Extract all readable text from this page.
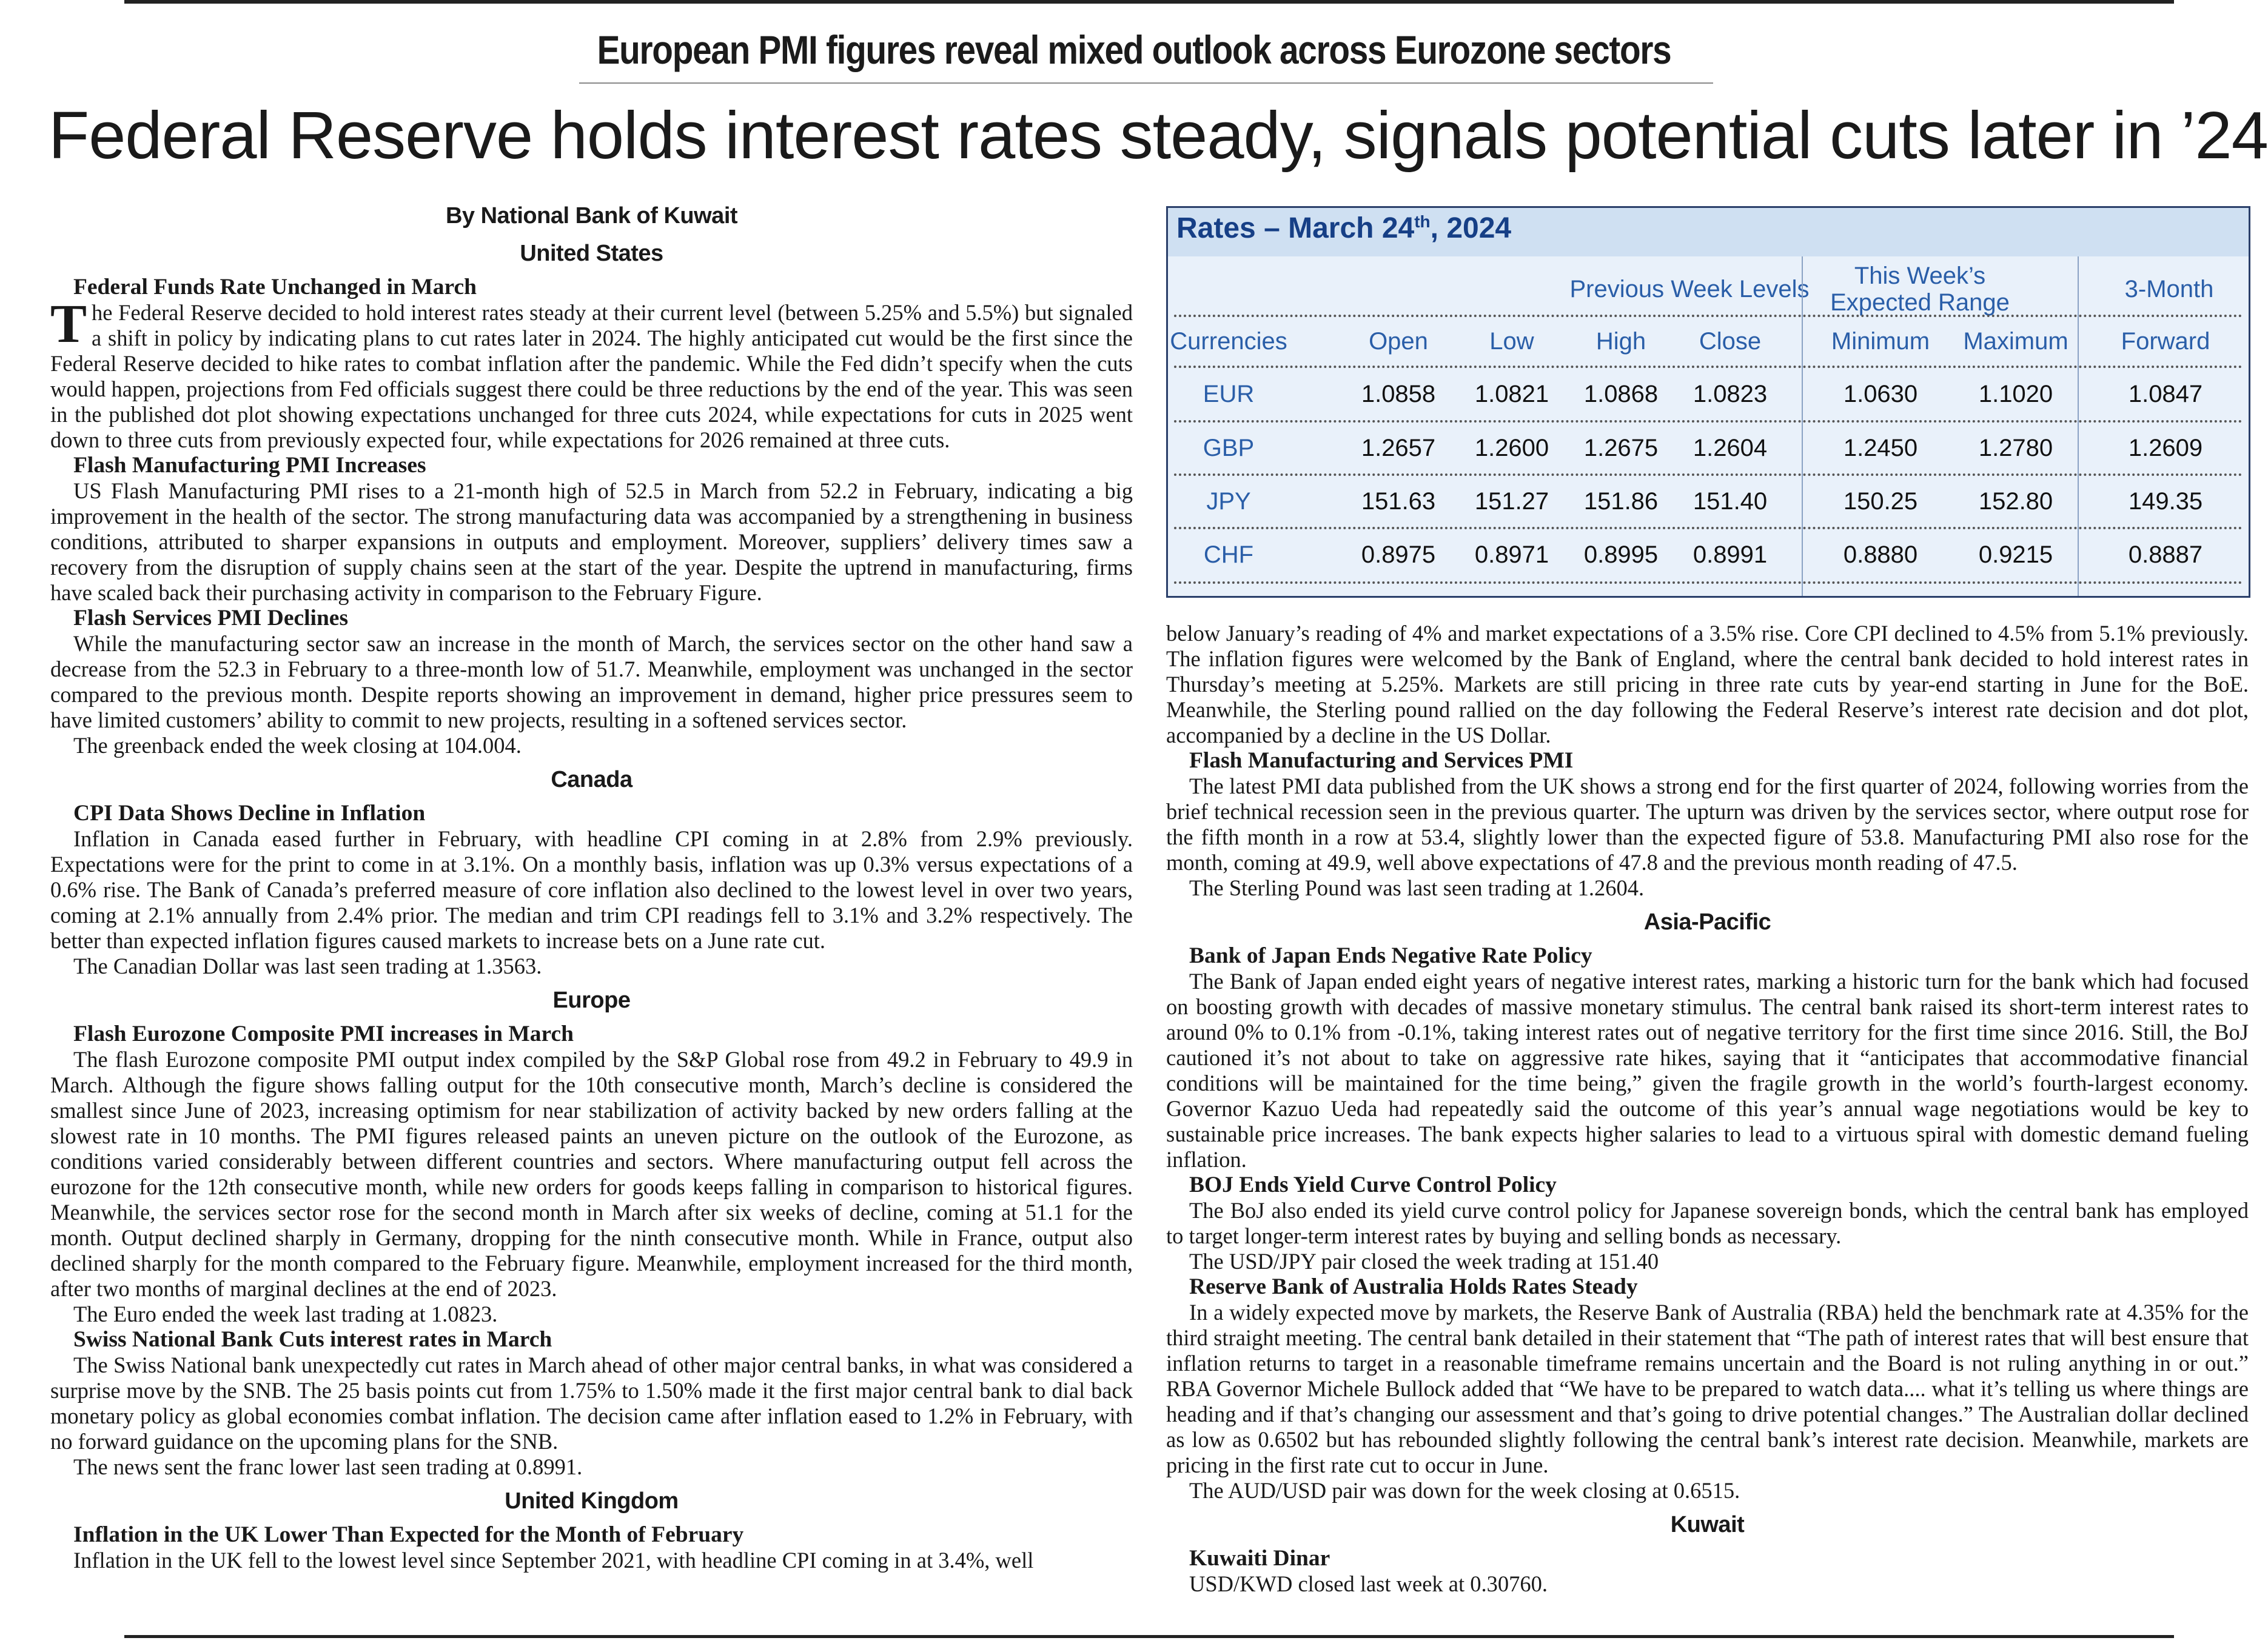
European PMI figures reveal mixed outlook across Eurozone sectors
Federal Reserve holds interest rates steady, signals potential cuts later in ’24
By National Bank of Kuwait
United States
Federal Funds Rate Unchanged in March

The Federal Reserve decided to hold interest rates steady at their current level (between 5.25% and 5.5%) but signaled a shift in policy by indicating plans to cut rates later in 2024. The highly anticipated cut would be the first since the Federal Reserve decided to hike rates to combat inflation after the pandemic. While the Fed didn’t specify when the cuts would happen, projections from Fed officials suggest there could be three reductions by the end of the year. This was seen in the published dot plot showing expectations unchanged for three cuts 2024, while expectations for cuts in 2025 went down to three cuts from previously expected four, while expectations for 2026 remained at three cuts.

Flash Manufacturing PMI Increases

US Flash Manufacturing PMI rises to a 21-month high of 52.5 in March from 52.2 in February, indicating a big improvement in the health of the sector. The strong manufacturing data was accompanied by a strengthening in business conditions, attributed to sharper expansions in outputs and employment. Moreover, suppliers’ delivery times saw a recovery from the disruption of supply chains seen at the start of the year. Despite the uptrend in manufacturing, firms have scaled back their purchasing activity in comparison to the February Figure.

Flash Services PMI Declines

While the manufacturing sector saw an increase in the month of March, the services sector on the other hand saw a decrease from the 52.3 in February to a three-month low of 51.7. Meanwhile, employment was unchanged in the sector compared to the previous month. Despite reports showing an improvement in demand, higher price pressures seem to have limited customers’ ability to commit to new projects, resulting in a softened services sector.

The greenback ended the week closing at 104.004.

Canada
CPI Data Shows Decline in Inflation

Inflation in Canada eased further in February, with headline CPI coming in at 2.8% from 2.9% previously. Expectations were for the print to come in at 3.1%. On a monthly basis, inflation was up 0.3% versus expectations of a 0.6% rise. The Bank of Canada’s preferred measure of core inflation also declined to the lowest level in over two years, coming at 2.1% annually from 2.4% prior. The median and trim CPI readings fell to 3.1% and 3.2% respectively. The better than expected inflation figures caused markets to increase bets on a June rate cut.

The Canadian Dollar was last seen trading at 1.3563.

Europe
Flash Eurozone Composite PMI increases in March

The flash Eurozone composite PMI output index compiled by the S&P Global rose from 49.2 in February to 49.9 in March. Although the figure shows falling output for the 10th consecutive month, March’s decline is considered the smallest since June of 2023, increasing optimism for near stabilization of activity backed by new orders falling at the slowest rate in 10 months. The PMI figures released paints an uneven picture on the outlook of the Eurozone, as conditions varied considerably between different countries and sectors. Where manufacturing output fell across the eurozone for the 12th consecutive month, while new orders for goods keeps falling in comparison to historical figures. Meanwhile, the services sector rose for the second month in March after six weeks of decline, coming at 51.1 for the month. Output declined sharply in Germany, dropping for the ninth consecutive month. While in France, output also declined sharply for the month compared to the February figure. Meanwhile, employment increased for the third month, after two months of marginal declines at the end of 2023.

The Euro ended the week last trading at 1.0823.

Swiss National Bank Cuts interest rates in March

The Swiss National bank unexpectedly cut rates in March ahead of other major central banks, in what was considered a surprise move by the SNB. The 25 basis points cut from 1.75% to 1.50% made it the first major central bank to dial back monetary policy as global economies combat inflation. The decision came after inflation eased to 1.2% in February, with no forward guidance on the upcoming plans for the SNB.

The news sent the franc lower last seen trading at 0.8991.

United Kingdom
Inflation in the UK Lower Than Expected for the Month of February

Inflation in the UK fell to the lowest level since September 2021, with headline CPI coming in at 3.4%, well

Rates – March 24th, 2024
Previous Week Levels	This Week’s Expected Range	3-Month
Currencies	Open	Low	High	Close	Minimum	Maximum	Forward
EUR	1.0858	1.0821	1.0868	1.0823	1.0630	1.1020	1.0847
GBP	1.2657	1.2600	1.2675	1.2604	1.2450	1.2780	1.2609
JPY	151.63	151.27	151.86	151.40	150.25	152.80	149.35
CHF	0.8975	0.8971	0.8995	0.8991	0.8880	0.9215	0.8887

below January’s reading of 4% and market expectations of a 3.5% rise. Core CPI declined to 4.5% from 5.1% previously. The inflation figures were welcomed by the Bank of England, where the central bank decided to hold interest rates in Thursday’s meeting at 5.25%. Markets are still pricing in three rate cuts by year-end starting in June for the BoE. Meanwhile, the Sterling pound rallied on the day following the Federal Reserve’s interest rate decision and dot plot, accompanied by a decline in the US Dollar.

Flash Manufacturing and Services PMI

The latest PMI data published from the UK shows a strong end for the first quarter of 2024, following worries from the brief technical recession seen in the previous quarter. The upturn was driven by the services sector, where output rose for the fifth month in a row at 53.4, slightly lower than the expected figure of 53.8. Manufacturing PMI also rose for the month, coming at 49.9, well above expectations of 47.8 and the previous month reading of 47.5.

The Sterling Pound was last seen trading at 1.2604.

Asia-Pacific
Bank of Japan Ends Negative Rate Policy

The Bank of Japan ended eight years of negative interest rates, marking a historic turn for the bank which had focused on boosting growth with decades of massive monetary stimulus. The central bank raised its short-term interest rates to around 0% to 0.1% from -0.1%, taking interest rates out of negative territory for the first time since 2016. Still, the BoJ cautioned it’s not about to take on aggressive rate hikes, saying that it “anticipates that accommodative financial conditions will be maintained for the time being,” given the fragile growth in the world’s fourth-largest economy. Governor Kazuo Ueda had repeatedly said the outcome of this year’s annual wage negotiations would be key to sustainable price increases. The bank expects higher salaries to lead to a virtuous spiral with domestic demand fueling inflation.

BOJ Ends Yield Curve Control Policy

The BoJ also ended its yield curve control policy for Japanese sovereign bonds, which the central bank has employed to target longer-term interest rates by buying and selling bonds as necessary.

The USD/JPY pair closed the week trading at 151.40

Reserve Bank of Australia Holds Rates Steady

In a widely expected move by markets, the Reserve Bank of Australia (RBA) held the benchmark rate at 4.35% for the third straight meeting. The central bank detailed in their statement that “The path of interest rates that will best ensure that inflation returns to target in a reasonable timeframe remains uncertain and the Board is not ruling anything in or out.” RBA Governor Michele Bullock added that “We have to be prepared to watch data.... what it’s telling us where things are heading and if that’s changing our assessment and that’s going to drive potential changes.” The Australian dollar declined as low as 0.6502 but has rebounded slightly following the central bank’s interest rate decision. Meanwhile, markets are pricing in the first rate cut to occur in June.

The AUD/USD pair was down for the week closing at 0.6515.

Kuwait
Kuwaiti Dinar

USD/KWD closed last week at 0.30760.
